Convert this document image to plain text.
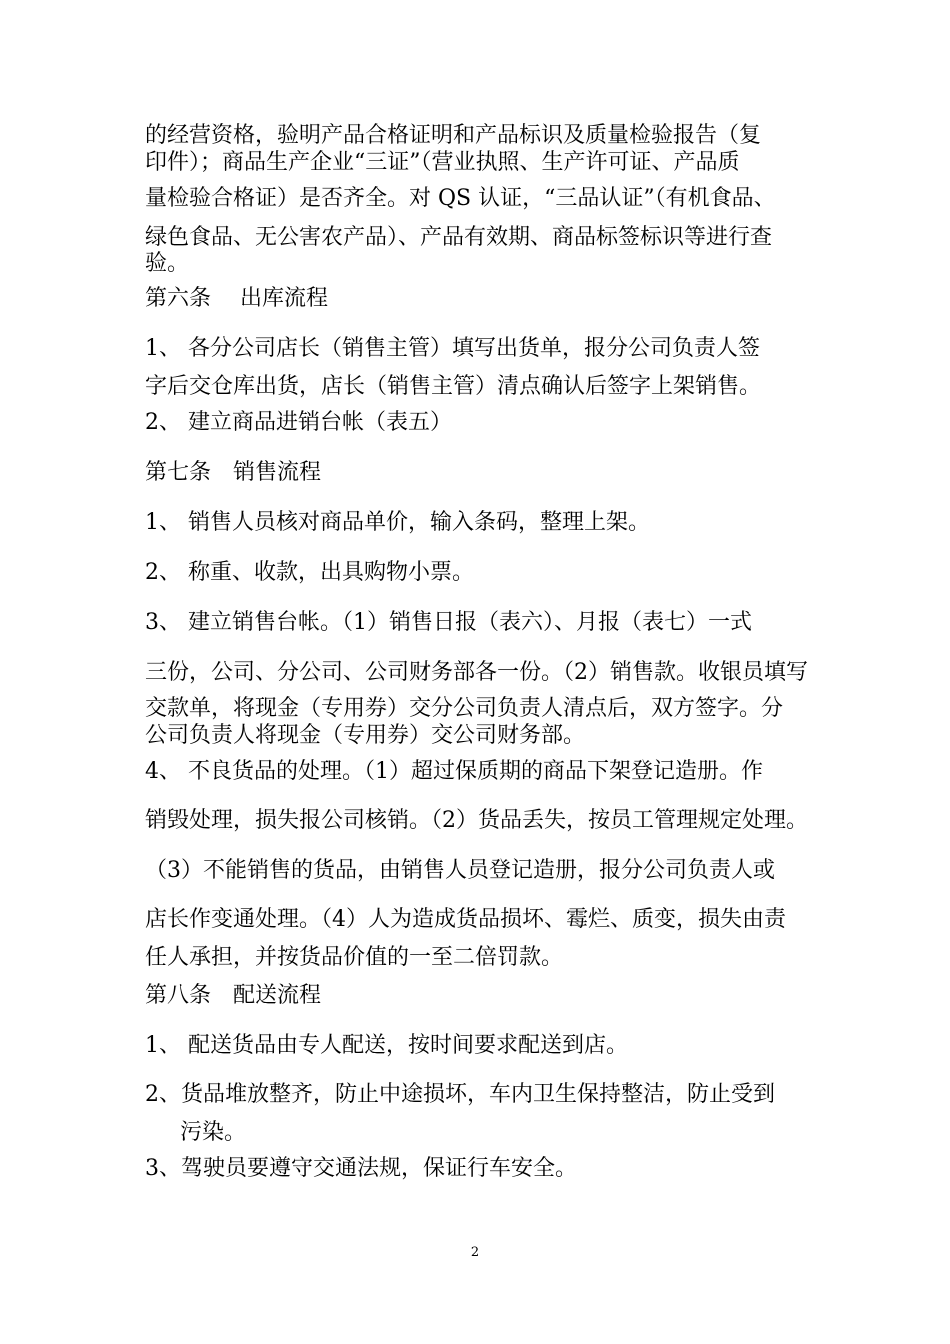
的经营资格，验明产品合格证明和产品标识及质量检验报告（复
印件）；商品生产企业“三证”（营业执照、生产许可证、产品质
量检验合格证）是否齐全。对 QS 认证，“三品认证”（有机食品、
绿色食品、无公害农产品）、产品有效期、商品标签标识等进行查
验。
第六条　 出库流程
1、 各分公司店长（销售主管）填写出货单，报分公司负责人签
字后交仓库出货，店长（销售主管）清点确认后签字上架销售。
2、 建立商品进销台帐（表五）
第七条　销售流程
1、 销售人员核对商品单价，输入条码，整理上架。
2、 称重、收款，出具购物小票。
3、 建立销售台帐。（1）销售日报（表六）、月报（表七）一式
三份，公司、分公司、公司财务部各一份。（2）销售款。收银员填写
交款单，将现金（专用券）交分公司负责人清点后，双方签字。分
公司负责人将现金（专用券）交公司财务部。
4、 不良货品的处理。（1）超过保质期的商品下架登记造册。作
销毁处理，损失报公司核销。（2）货品丢失，按员工管理规定处理。
（3）不能销售的货品，由销售人员登记造册，报分公司负责人或
店长作变通处理。（4）人为造成货品损坏、霉烂、质变，损失由责
任人承担，并按货品价值的一至二倍罚款。
第八条　配送流程
1、 配送货品由专人配送，按时间要求配送到店。
2、货品堆放整齐，防止中途损坏，车内卫生保持整洁，防止受到
污染。
3、驾驶员要遵守交通法规，保证行车安全。
2
